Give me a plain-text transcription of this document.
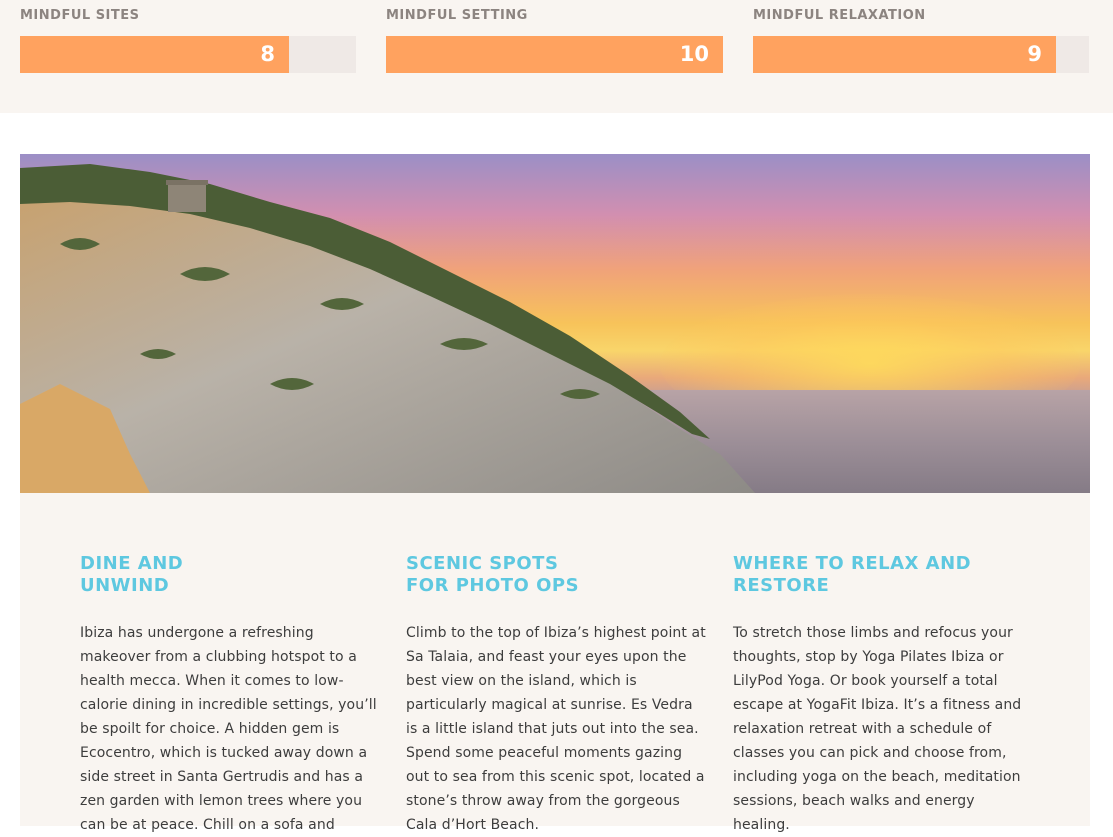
MINDFUL SITES
8
MINDFUL SETTING
10
MINDFUL RELAXATION
9
DINE AND
UNWIND

Ibiza has undergone a refreshing makeover from a clubbing hotspot to a health mecca. When it comes to low-calorie dining in incredible settings, you’ll be spoilt for choice. A hidden gem is Ecocentro, which is tucked away down a side street in Santa Gertrudis and has a zen garden with lemon trees where you can be at peace. Chill on a sofa and

SCENIC SPOTS
FOR PHOTO OPS

Climb to the top of Ibiza’s highest point at Sa Talaia, and feast your eyes upon the best view on the island, which is particularly magical at sunrise. Es Vedra is a little island that juts out into the sea. Spend some peaceful moments gazing out to sea from this scenic spot, located a stone’s throw away from the gorgeous Cala d’Hort Beach.

WHERE TO RELAX AND
RESTORE

To stretch those limbs and refocus your thoughts, stop by Yoga Pilates Ibiza or LilyPod Yoga. Or book yourself a total escape at YogaFit Ibiza. It’s a fitness and relaxation retreat with a schedule of classes you can pick and choose from, including yoga on the beach, meditation sessions, beach walks and energy healing.
